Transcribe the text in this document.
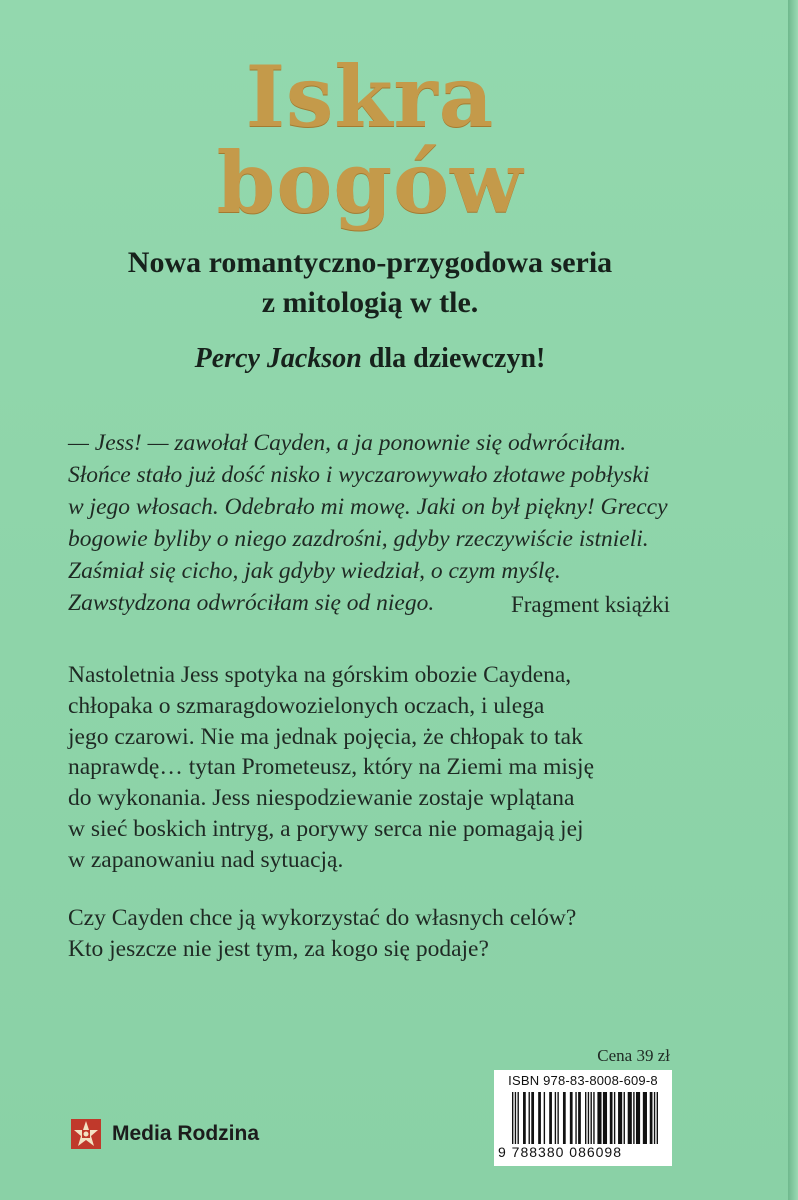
Iskra
bogów

Nowa romantyczno-przygodowa seria

z mitologią w tle.

Percy Jackson dla dziewczyn!

— Jess! — zawołał Cayden, a ja ponownie się odwróciłam.

Słońce stało już dość nisko i wyczarowywało złotawe pobłyski

w jego włosach. Odebrało mi mowę. Jaki on był piękny! Greccy

bogowie byliby o niego zazdrośni, gdyby rzeczywiście istnieli.

Zaśmiał się cicho, jak gdyby wiedział, o czym myślę.

Zawstydzona odwróciłam się od niego.	Fragment książki

Nastoletnia Jess spotyka na górskim obozie Caydena,

chłopaka o szmaragdowozielonych oczach, i ulega

jego czarowi. Nie ma jednak pojęcia, że chłopak to tak

naprawdę… tytan Prometeusz, który na Ziemi ma misję

do wykonania. Jess niespodziewanie zostaje wplątana

w sieć boskich intryg, a porywy serca nie pomagają jej

w zapanowaniu nad sytuacją.

Czy Cayden chce ją wykorzystać do własnych celów?

Kto jeszcze nie jest tym, za kogo się podaje?

Cena 39 zł
ISBN 978-83-8008-609-8
9 788380 086098
Media Rodzina
